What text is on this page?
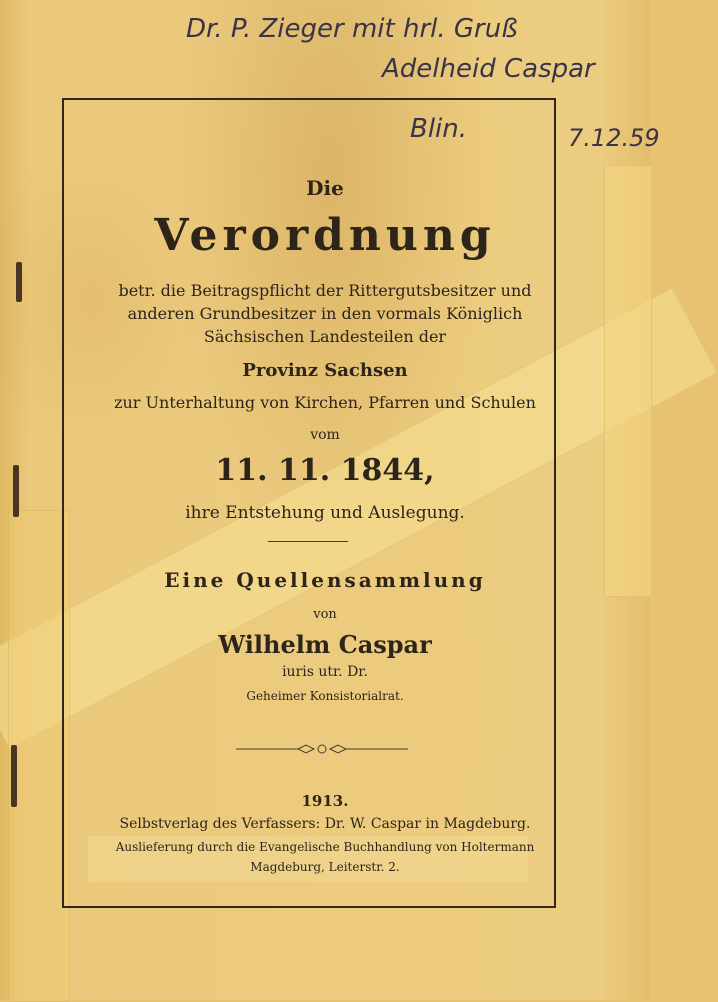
Dr. P. Zieger mit hrl. Gruß
Adelheid Caspar
Blin.	7.12.59
Die
Verordnung
betr. die Beitragspflicht der Rittergutsbesitzer und
anderen Grundbesitzer in den vormals Königlich
Sächsischen Landesteilen der
Provinz Sachsen
zur Unterhaltung von Kirchen, Pfarren und Schulen
vom
11. 11. 1844,
ihre Entstehung und Auslegung.
Eine Quellensammlung
von
Wilhelm Caspar
iuris utr. Dr.
Geheimer Konsistorialrat.
1913.
Selbstverlag des Verfassers: Dr. W. Caspar in Magdeburg.
Auslieferung durch die Evangelische Buchhandlung von Holtermann
Magdeburg, Leiterstr. 2.
